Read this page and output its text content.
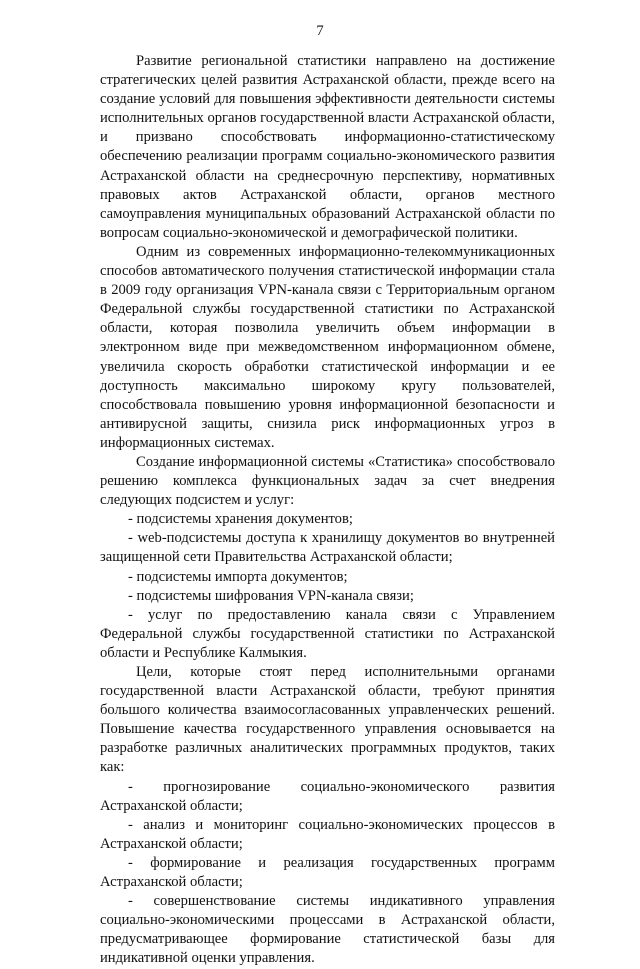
7

Развитие региональной статистики направлено на достижение стратегических целей развития Астраханской области, прежде всего на создание условий для повышения эффективности деятельности системы исполнительных органов государственной власти Астраханской области, и призвано способствовать информационно-статистическому обеспечению реализации программ социально-экономического развития Астраханской области на среднесрочную перспективу, нормативных правовых актов Астраханской области, органов местного самоуправления муниципальных образований Астраханской области по вопросам социально-экономической и демографической политики.

Одним из современных информационно-телекоммуникационных способов автоматического получения статистической информации стала в 2009 году организация VPN-канала связи с Территориальным органом Федеральной службы государственной статистики по Астраханской области, которая позволила увеличить объем информации в электронном виде при межведомственном информационном обмене, увеличила скорость обработки статистической информации и ее доступность максимально широкому кругу пользователей, способствовала повышению уровня информационной безопасности и антивирусной защиты, снизила риск информационных угроз в информационных системах.

Создание информационной системы «Статистика» способствовало решению комплекса функциональных задач за счет внедрения следующих подсистем и услуг:

- подсистемы хранения документов;

- web-подсистемы доступа к хранилищу документов во внутренней защищенной сети Правительства Астраханской области;

- подсистемы импорта документов;

- подсистемы шифрования VPN-канала связи;

- услуг по предоставлению канала связи с Управлением Федеральной службы государственной статистики по Астраханской области и Республике Калмыкия.

Цели, которые стоят перед исполнительными органами государственной власти Астраханской области, требуют принятия большого количества взаимосогласованных управленческих решений. Повышение качества государственного управления основывается на разработке различных аналитических программных продуктов, таких как:

- прогнозирование социально-экономического развития Астраханской области;

- анализ и мониторинг социально-экономических процессов в Астраханской области;

- формирование и реализация государственных программ Астраханской области;

- совершенствование системы индикативного управления социально-экономическими процессами в Астраханской области, предусматривающее формирование статистической базы для индикативной оценки управления.
